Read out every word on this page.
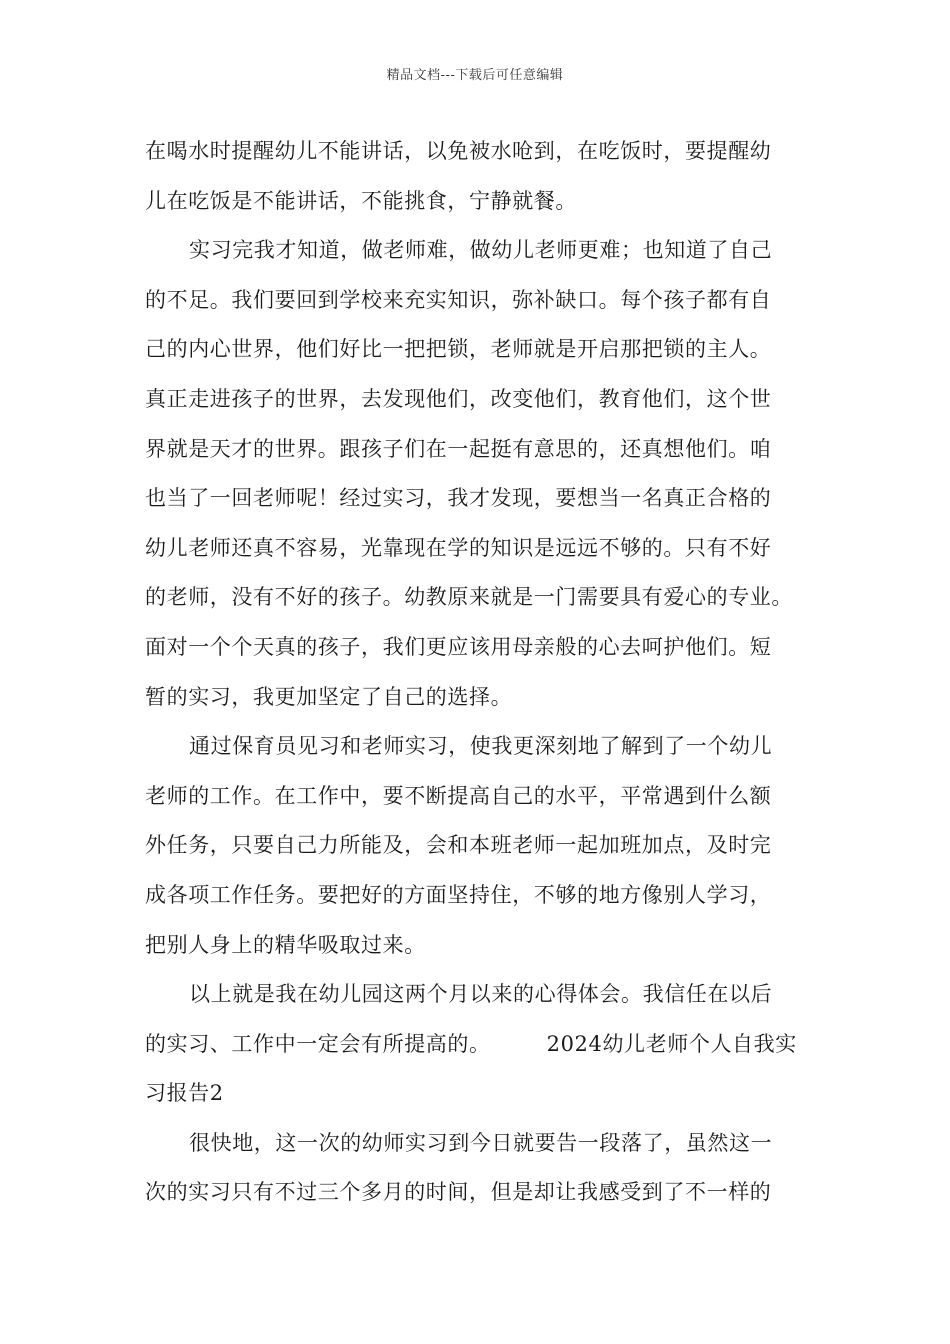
精品文档---下载后可任意编辑
在喝水时提醒幼儿不能讲话，以免被水呛到，在吃饭时，要提醒幼
儿在吃饭是不能讲话，不能挑食，宁静就餐。
实习完我才知道，做老师难，做幼儿老师更难；也知道了自己
的不足。我们要回到学校来充实知识，弥补缺口。每个孩子都有自
己的内心世界，他们好比一把把锁，老师就是开启那把锁的主人。
真正走进孩子的世界，去发现他们，改变他们，教育他们，这个世
界就是天才的世界。跟孩子们在一起挺有意思的，还真想他们。咱
也当了一回老师呢！经过实习，我才发现，要想当一名真正合格的
幼儿老师还真不容易，光靠现在学的知识是远远不够的。只有不好
的老师，没有不好的孩子。幼教原来就是一门需要具有爱心的专业。
面对一个个天真的孩子，我们更应该用母亲般的心去呵护他们。短
暂的实习，我更加坚定了自己的选择。
通过保育员见习和老师实习，使我更深刻地了解到了一个幼儿
老师的工作。在工作中，要不断提高自己的水平，平常遇到什么额
外任务，只要自己力所能及，会和本班老师一起加班加点，及时完
成各项工作任务。要把好的方面坚持住，不够的地方像别人学习，
把别人身上的精华吸取过来。
以上就是我在幼儿园这两个月以来的心得体会。我信任在以后
的实习、工作中一定会有所提高的。	2024幼儿老师个人自我实
习报告2
很快地，这一次的幼师实习到今日就要告一段落了，虽然这一
次的实习只有不过三个多月的时间，但是却让我感受到了不一样的
